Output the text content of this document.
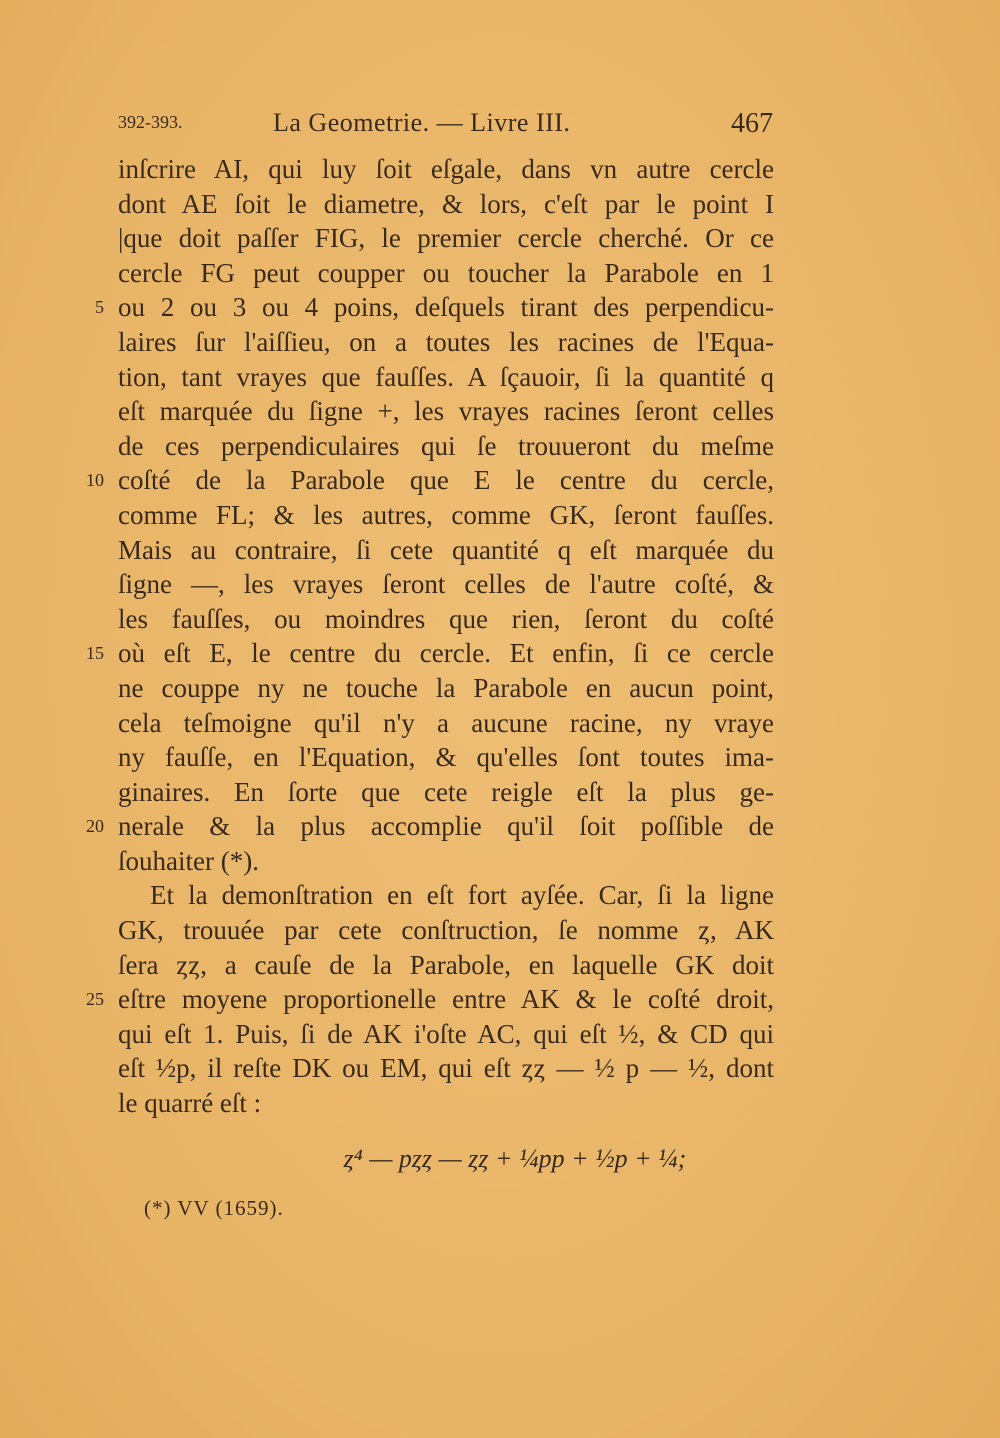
392-393.	La Geometrie. — Livre III.	467
inſcrire AI, qui luy ſoit eſgale, dans vn autre cercle
dont AE ſoit le diametre, & lors, c'eſt par le point I
|que doit paſſer FIG, le premier cercle cherché. Or ce
cercle FG peut coupper ou toucher la Parabole en 1
5 ou 2 ou 3 ou 4 poins, deſquels tirant des perpendicu-
laires ſur l'aiſſieu, on a toutes les racines de l'Equa-
tion, tant vrayes que fauſſes. A ſçauoir, ſi la quantité q
eſt marquée du ſigne +, les vrayes racines ſeront celles
de ces perpendiculaires qui ſe trouueront du meſme
10 coſté de la Parabole que E le centre du cercle,
comme FL; & les autres, comme GK, ſeront fauſſes.
Mais au contraire, ſi cete quantité q eſt marquée du
ſigne —, les vrayes ſeront celles de l'autre coſté, &
les fauſſes, ou moindres que rien, ſeront du coſté
15 où eſt E, le centre du cercle. Et enfin, ſi ce cercle
ne couppe ny ne touche la Parabole en aucun point,
cela teſmoigne qu'il n'y a aucune racine, ny vraye
ny fauſſe, en l'Equation, & qu'elles ſont toutes ima-
ginaires. En ſorte que cete reigle eſt la plus ge-
20 nerale & la plus accomplie qu'il ſoit poſſible de
ſouhaiter (*).
Et la demonſtration en eſt fort ayſée. Car, ſi la ligne
GK, trouuée par cete conſtruction, ſe nomme ȥ, AK
ſera ȥȥ, a cauſe de la Parabole, en laquelle GK doit
25 eſtre moyene proportionelle entre AK & le coſté droit,
qui eſt 1. Puis, ſi de AK i'oſte AC, qui eſt ½, & CD qui
eſt ½p, il reſte DK ou EM, qui eſt ȥȥ — ½ p — ½, dont
le quarré eſt :
ȥ⁴ — pȥȥ — ȥȥ + ¼pp + ½p + ¼;
(*) VV (1659).
